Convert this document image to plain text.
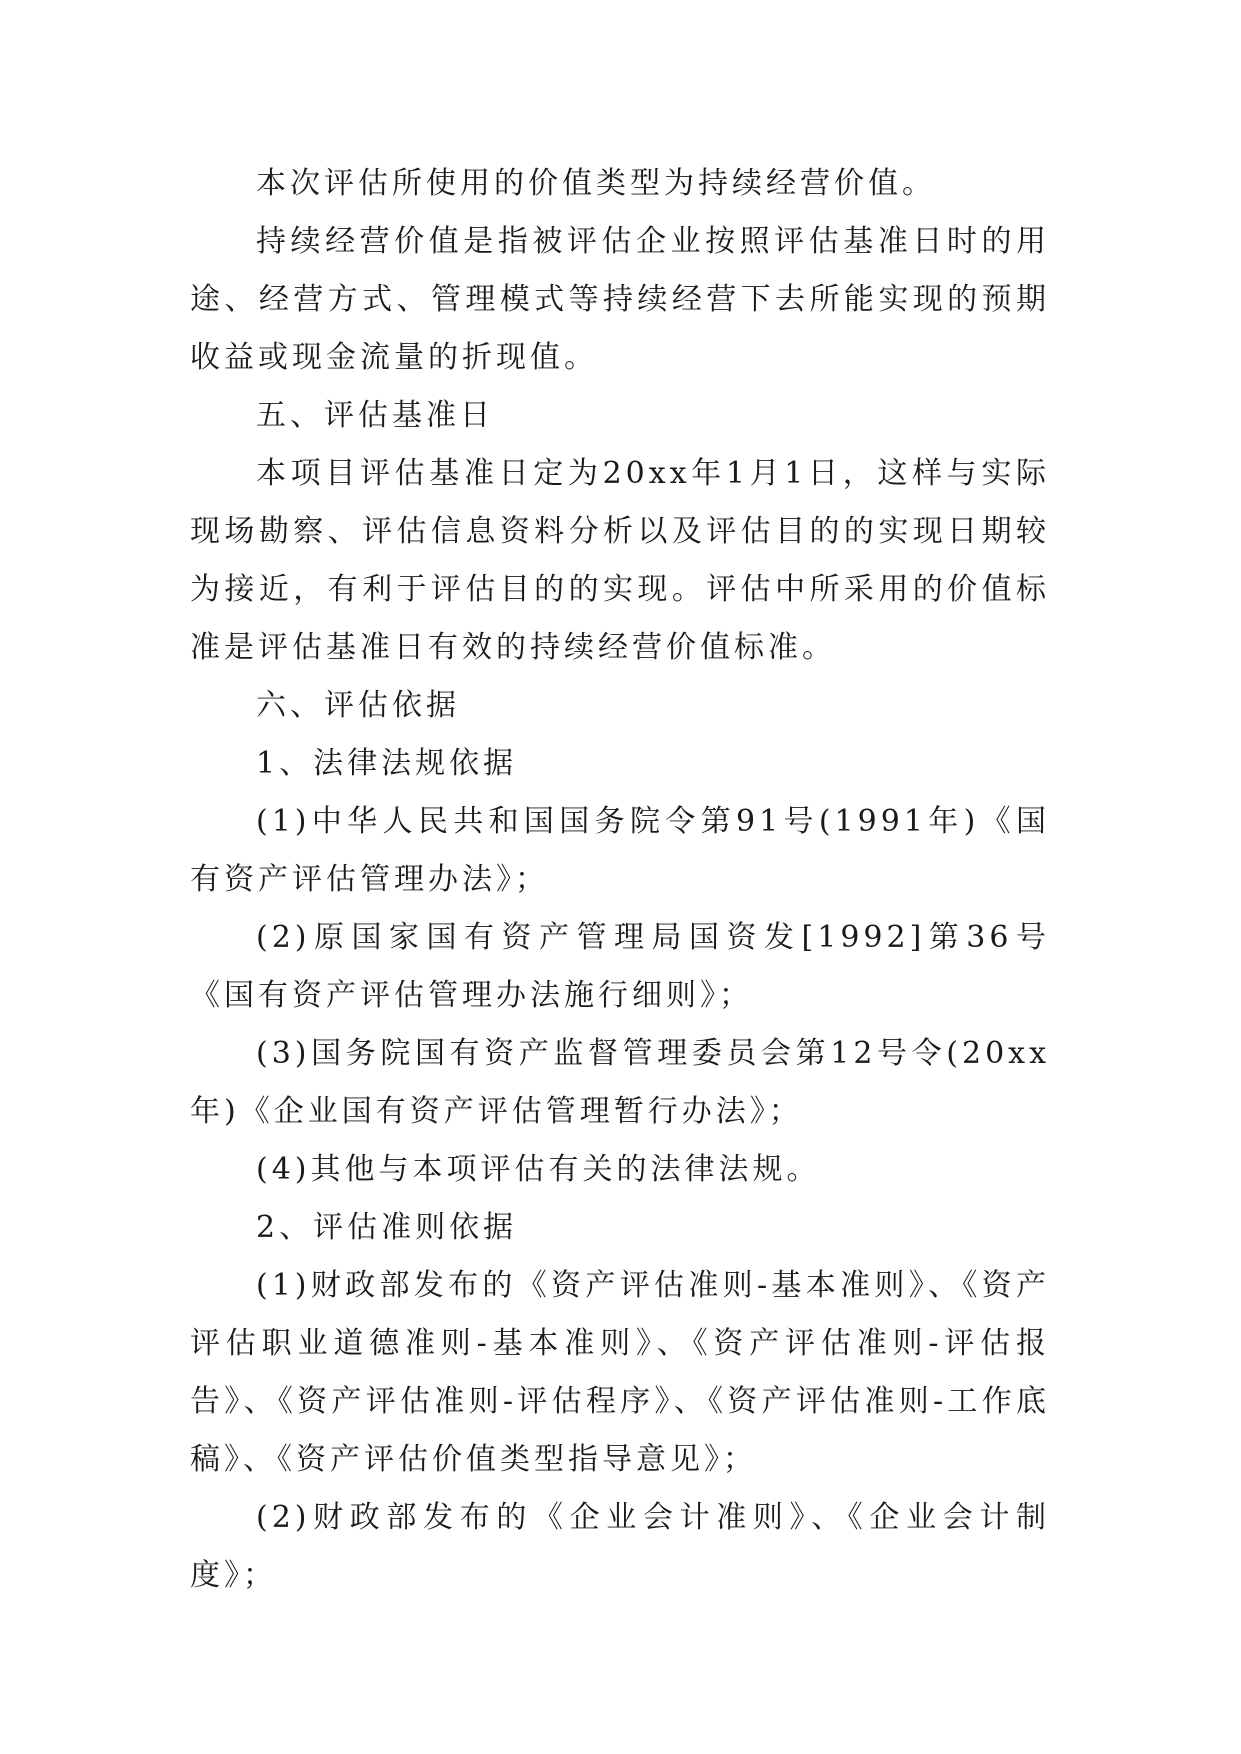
本次评估所使用的价值类型为持续经营价值。

持续经营价值是指被评估企业按照评估基准日时的用途、经营方式、管理模式等持续经营下去所能实现的预期收益或现金流量的折现值。

五、评估基准日

本项目评估基准日定为20xx年1月1日，这样与实际现场勘察、评估信息资料分析以及评估目的的实现日期较为接近，有利于评估目的的实现。评估中所采用的价值标准是评估基准日有效的持续经营价值标准。

六、评估依据

1、法律法规依据

(1)中华人民共和国国务院令第91号(1991年)《国有资产评估管理办法》；

(2)原国家国有资产管理局国资发[1992]第36号《国有资产评估管理办法施行细则》；

(3)国务院国有资产监督管理委员会第12号令(20xx年)《企业国有资产评估管理暂行办法》；

(4)其他与本项评估有关的法律法规。

2、评估准则依据

(1)财政部发布的《资产评估准则-基本准则》、《资产评估职业道德准则-基本准则》、《资产评估准则-评估报告》、《资产评估准则-评估程序》、《资产评估准则-工作底稿》、《资产评估价值类型指导意见》；

(2)财政部发布的《企业会计准则》、《企业会计制度》；
